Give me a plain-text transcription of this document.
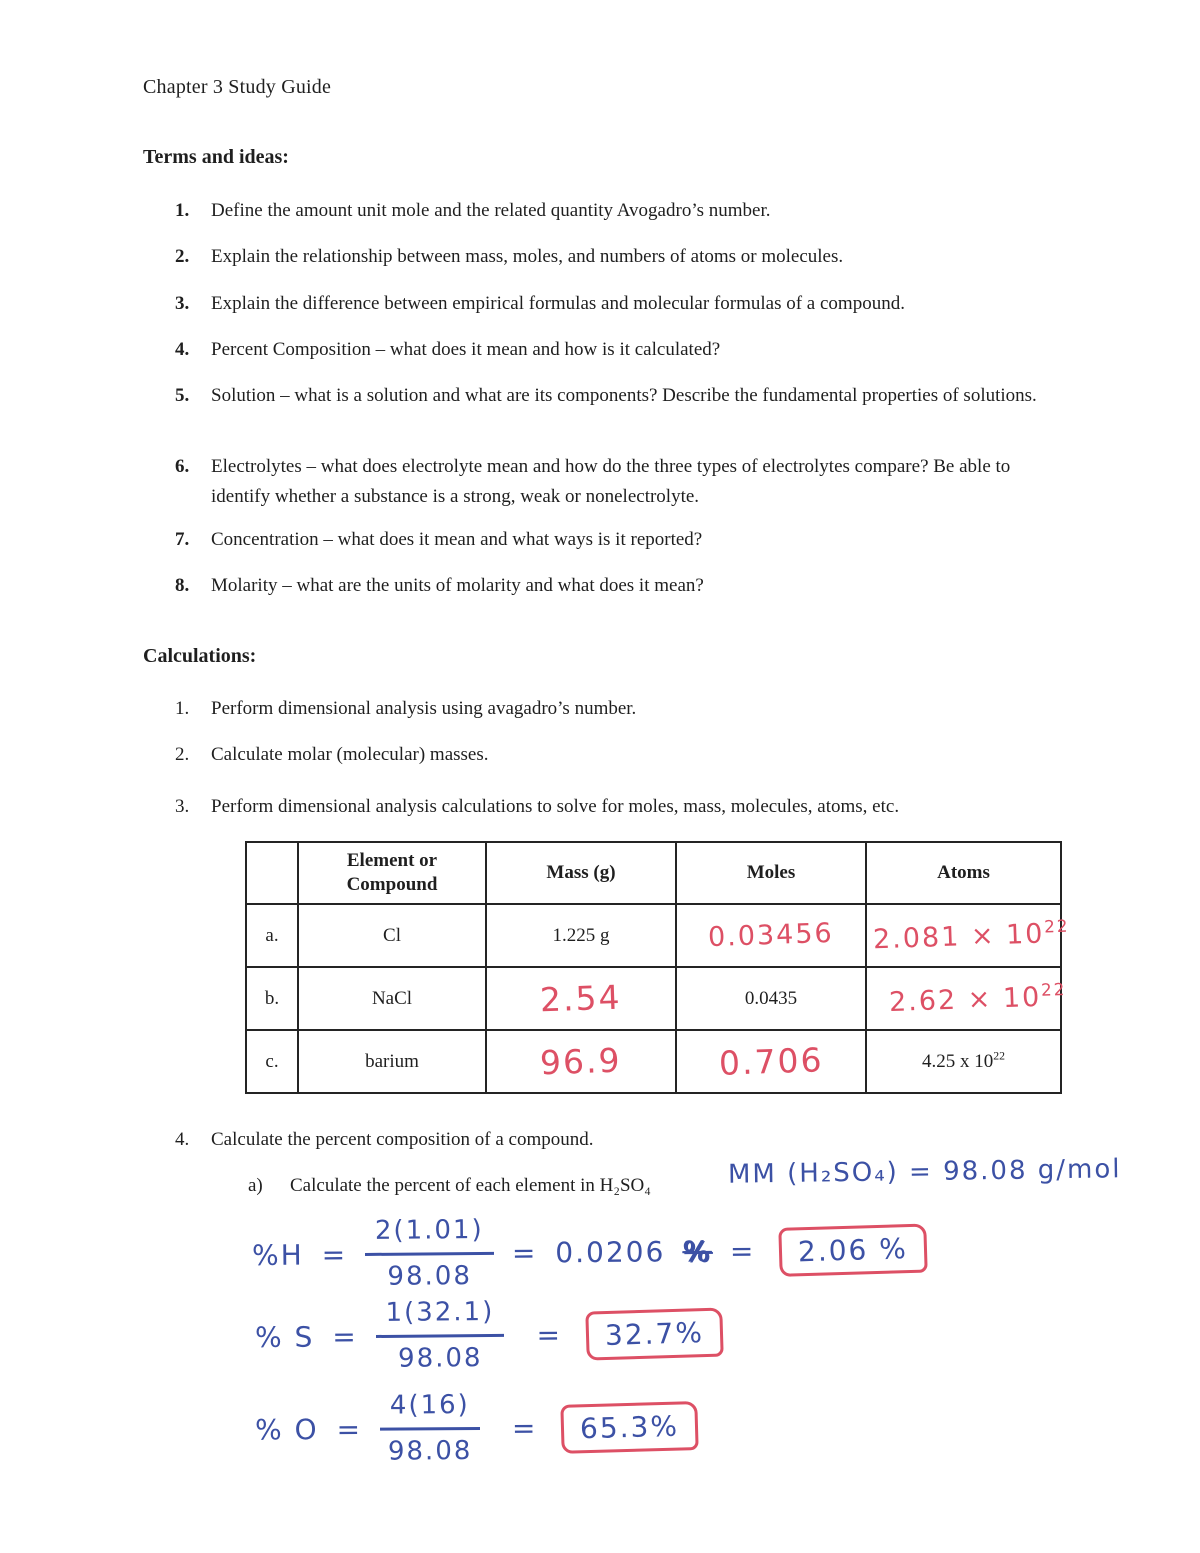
Chapter 3 Study Guide
Terms and ideas:
1.	Define the amount unit mole and the related quantity Avogadro’s number.
2.	Explain the relationship between mass, moles, and numbers of atoms or molecules.
3.	Explain the difference between empirical formulas and molecular formulas of a compound.
4.	Percent Composition – what does it mean and how is it calculated?
5.	Solution – what is a solution and what are its components? Describe the fundamental properties of solutions.
6.	Electrolytes – what does electrolyte mean and how do the three types of electrolytes compare? Be able to identify whether a substance is a strong, weak or nonelectrolyte.
7.	Concentration – what does it mean and what ways is it reported?
8.	Molarity – what are the units of molarity and what does it mean?
Calculations:
1.	Perform dimensional analysis using avagadro’s number.
2.	Calculate molar (molecular) masses.
3.	Perform dimensional analysis calculations to solve for moles, mass, molecules, atoms, etc.
	Element or Compound	Mass (g)	Moles	Atoms
a.	Cl	1.225 g	0.03456	$2.081 \times 10^{22}$
b.	NaCl	2.54	0.0435	$2.62 \times 10^{22}$
c.	barium	96.9	0.706	4.25 x $10^{22}$
4.	Calculate the percent composition of a compound.
a)	Calculate the percent of each element in H₂SO₄	MM (H₂SO₄) = 98.08 g/mol
$\%H = \frac{2(1.01)}{98.08} = 0.0206$ % =	2.06 %
% $S = \frac{1(32.1)}{98.08}$ =	32.7%
% $O = \frac{4(16)}{98.08}$ =	65.3%
